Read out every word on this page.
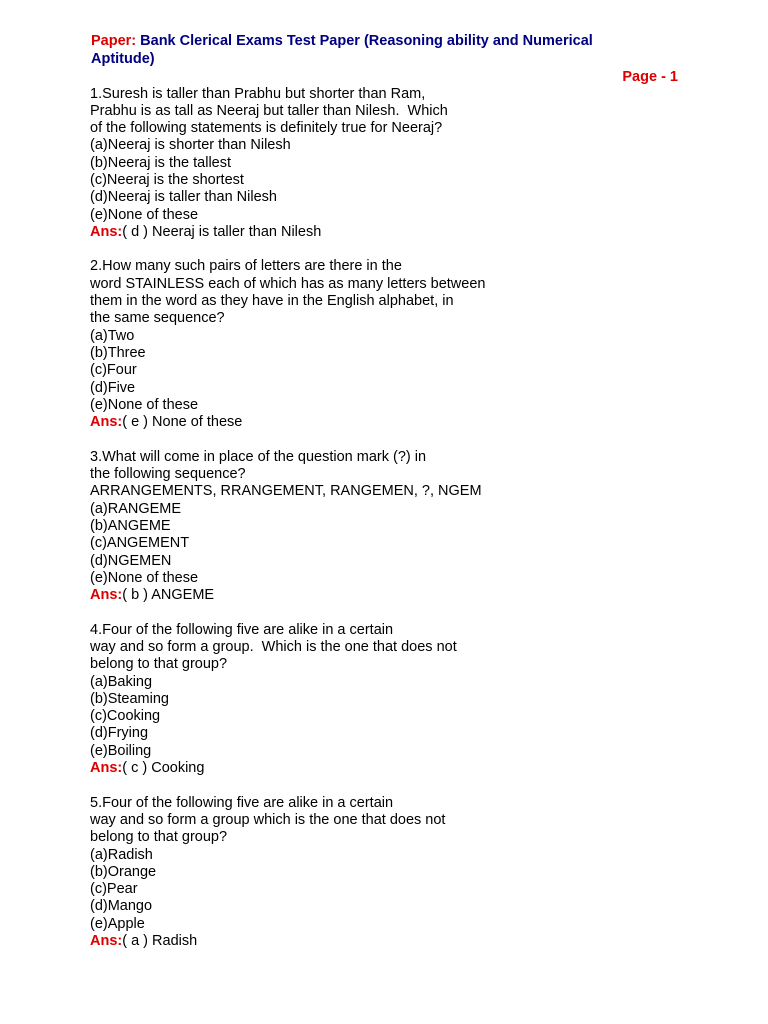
Paper: Bank Clerical Exams Test Paper (Reasoning ability and Numerical
Aptitude)
Page - 1
1.Suresh is taller than Prabhu but shorter than Ram,
Prabhu is as tall as Neeraj but taller than Nilesh.  Which
of the following statements is definitely true for Neeraj?
(a)Neeraj is shorter than Nilesh
(b)Neeraj is the tallest
(c)Neeraj is the shortest
(d)Neeraj is taller than Nilesh
(e)None of these
Ans:( d ) Neeraj is taller than Nilesh
2.How many such pairs of letters are there in the
word STAINLESS each of which has as many letters between
them in the word as they have in the English alphabet, in
the same sequence?
(a)Two
(b)Three
(c)Four
(d)Five
(e)None of these
Ans:( e ) None of these
3.What will come in place of the question mark (?) in
the following sequence?
ARRANGEMENTS, RRANGEMENT, RANGEMEN, ?, NGEM
(a)RANGEME
(b)ANGEME
(c)ANGEMENT
(d)NGEMEN
(e)None of these
Ans:( b ) ANGEME
4.Four of the following five are alike in a certain
way and so form a group.  Which is the one that does not
belong to that group?
(a)Baking
(b)Steaming
(c)Cooking
(d)Frying
(e)Boiling
Ans:( c ) Cooking
5.Four of the following five are alike in a certain
way and so form a group which is the one that does not
belong to that group?
(a)Radish
(b)Orange
(c)Pear
(d)Mango
(e)Apple
Ans:( a ) Radish
